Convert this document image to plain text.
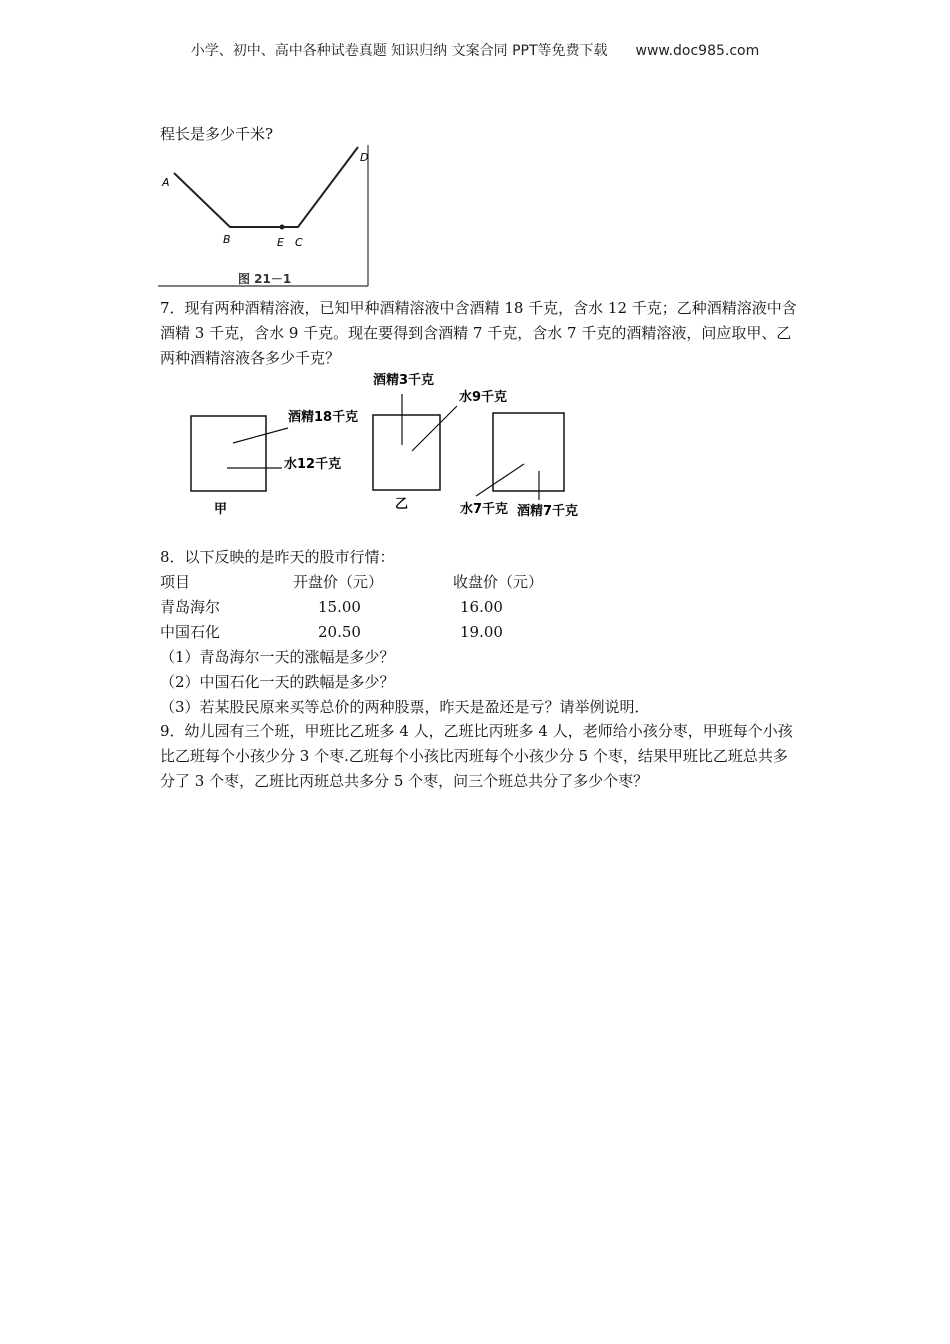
小学、初中、高中各种试卷真题 知识归纳 文案合同 PPT等免费下载 www.doc985.com
程长是多少千米?
A
B	E C
D
图 21－1
7．现有两种酒精溶液，已知甲种酒精溶液中含酒精 18 千克，含水 12 千克；乙种酒精溶液中含酒精 3 千克，含水 9 千克。现在要得到含酒精 7 千克，含水 7 千克的酒精溶液，问应取甲、乙两种酒精溶液各多少千克？
酒精18千克
水12千克
甲
酒精3千克
水9千克
乙	水7千克 酒精7千克
8．以下反映的是昨天的股市行情：
项目	开盘价（元）	收盘价（元）
青岛海尔	15.00	16.00
中国石化	20.50	19.00
（1）青岛海尔一天的涨幅是多少？
（2）中国石化一天的跌幅是多少？
（3）若某股民原来买等总价的两种股票，昨天是盈还是亏？请举例说明．
9．幼儿园有三个班，甲班比乙班多 4 人，乙班比丙班多 4 人，老师给小孩分枣，甲班每个小孩比乙班每个小孩少分 3 个枣.乙班每个小孩比丙班每个小孩少分 5 个枣，结果甲班比乙班总共多分了 3 个枣，乙班比丙班总共多分 5 个枣，问三个班总共分了多少个枣？
